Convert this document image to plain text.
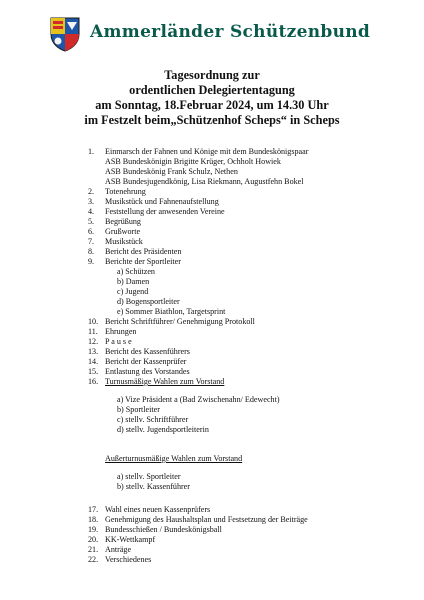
Ammerländer Schützenbund
Tagesordnung zur
ordentlichen Delegiertentagung
am Sonntag, 18.Februar 2024, um 14.30 Uhr
im Festzelt beim„Schützenhof Scheps“ in Scheps
1. Einmarsch der Fahnen und Könige mit dem Bundeskönigspaar
ASB Bundeskönigin Brigitte Krüger, Ochholt Howiek
ASB Bundeskönig Frank Schulz, Nethen
ASB Bundesjugendkönig, Lisa Riekmann, Augustfehn Bokel
2. Totenehrung
3. Musikstück und Fahnenaufstellung
4. Feststellung der anwesenden Vereine
5. Begrüßung
6. Grußworte
7. Musikstück
8. Bericht des Präsidenten
9. Berichte der Sportleiter
a) Schützen
b) Damen
c) Jugend
d) Bogensportleiter
e) Sommer Biathlon, Targetsprint
10. Bericht Schriftführer/ Genehmigung Protokoll
11. Ehrungen
12. P a u s e
13. Bericht des Kassenführers
14. Bericht der Kassenprüfer
15. Entlastung des Vorstandes
16. Turnusmäßige Wahlen zum Vorstand
a) Vize Präsident a (Bad Zwischenahn/ Edewecht)
b) Sportleiter
c) stellv. Schriftführer
d) stellv. Jugendsportleiterin
Außerturnusmäßige Wahlen zum Vorstand
a) stellv. Sportleiter
b) stellv. Kassenführer
17. Wahl eines neuen Kassenprüfers
18. Genehmigung des Haushaltsplan und Festsetzung der Beiträge
19. Bundesschießen / Bundeskönigsball
20. KK-Wettkampf
21. Anträge
22. Verschiedenes
